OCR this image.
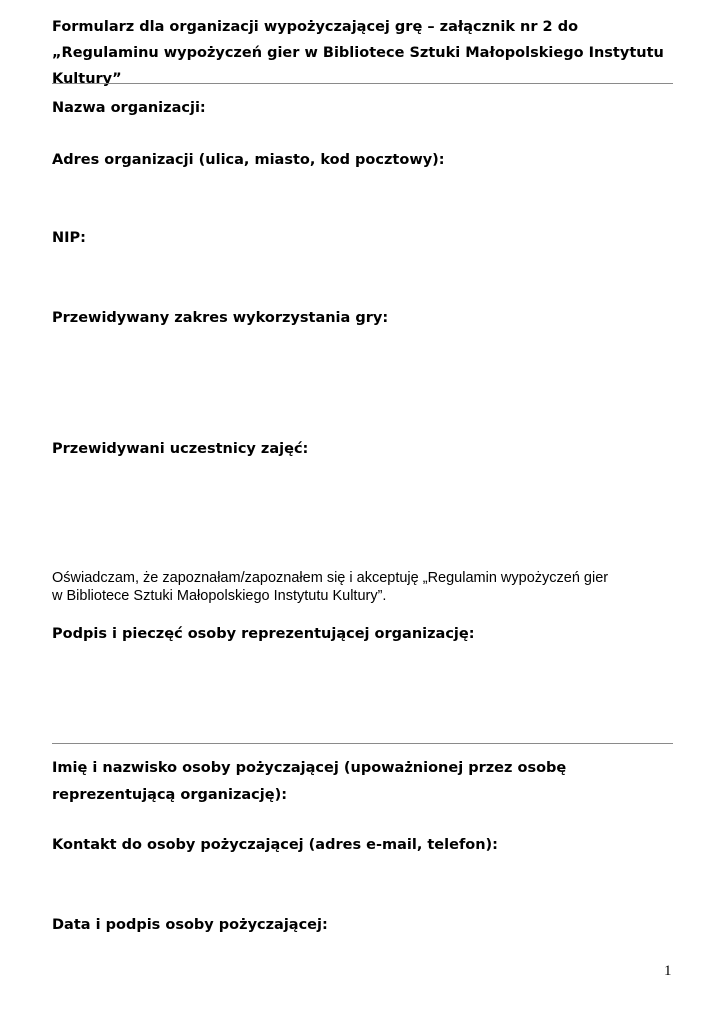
Formularz dla organizacji wypożyczającej grę – załącznik nr 2 do „Regulaminu wypożyczeń gier w Bibliotece Sztuki Małopolskiego Instytutu Kultury”

Nazwa organizacji:

Adres organizacji (ulica, miasto, kod pocztowy):

NIP:

Przewidywany zakres wykorzystania gry:

Przewidywani uczestnicy zajęć:

Oświadczam, że zapoznałam/zapoznałem się i akceptuję „Regulamin wypożyczeń gier
w Bibliotece Sztuki Małopolskiego Instytutu Kultury”.

Podpis i pieczęć osoby reprezentującej organizację:

Imię i nazwisko osoby pożyczającej (upoważnionej przez osobę reprezentującą organizację):

Kontakt do osoby pożyczającej (adres e-mail, telefon):

Data i podpis osoby pożyczającej:

1
